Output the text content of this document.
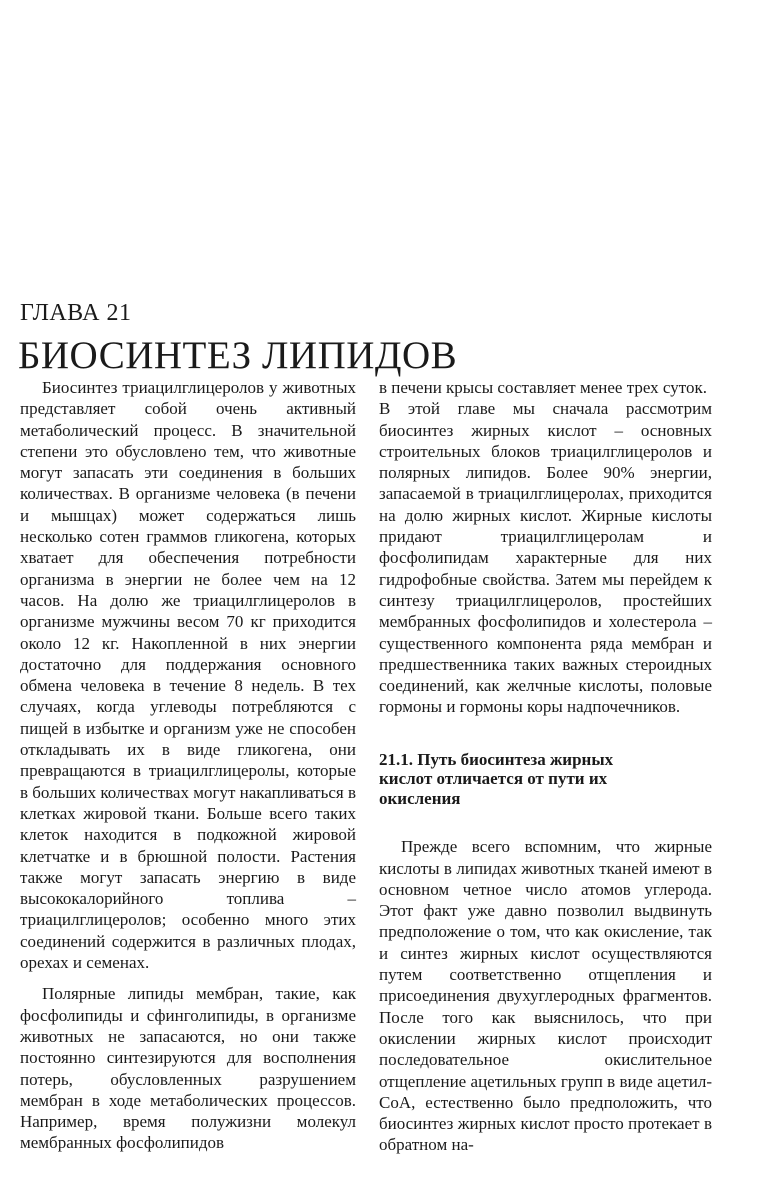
ГЛАВА 21
БИОСИНТЕЗ ЛИПИДОВ

Биосинтез триацилглицеролов у животных представляет собой очень активный метаболический процесс. В значительной степени это обусловлено тем, что животные могут запасать эти соединения в больших количествах. В организме человека (в печени и мышцах) может содержаться лишь несколько сотен граммов гликогена, которых хватает для обеспечения потребности организма в энергии не более чем на 12 часов. На долю же триацилглицеролов в организме мужчины весом 70 кг приходится около 12 кг. Накопленной в них энергии достаточно для поддержания основного обмена человека в течение 8 недель. В тех случаях, когда углеводы потребляются с пищей в избытке и организм уже не способен откладывать их в виде гликогена, они превращаются в триацилглицеролы, которые в больших количествах могут накапливаться в клетках жировой ткани. Больше всего таких клеток находится в подкожной жировой клетчатке и в брюшной полости. Растения также могут запасать энергию в виде высококалорийного топлива – триацилглицеролов; особенно много этих соединений содержится в различных плодах, орехах и семенах.

Полярные липиды мембран, такие, как фосфолипиды и сфинголипиды, в организме животных не запасаются, но они также постоянно синтезируются для восполнения потерь, обусловленных разрушением мембран в ходе метаболических процессов. Например, время полужизни молекул мембранных фосфолипидов

в печени крысы составляет менее трех суток.

В этой главе мы сначала рассмотрим биосинтез жирных кислот – основных строительных блоков триацилглицеролов и полярных липидов. Более 90% энергии, запасаемой в триацилглицеролах, приходится на долю жирных кислот. Жирные кислоты придают триацилглицеролам и фосфолипидам характерные для них гидрофобные свойства. Затем мы перейдем к синтезу триацилглицеролов, простейших мембранных фосфолипидов и холестерола – существенного компонента ряда мембран и предшественника таких важных стероидных соединений, как желчные кислоты, половые гормоны и гормоны коры надпочечников.

21.1. Путь биосинтеза жирных кислот отличается от пути их окисления

Прежде всего вспомним, что жирные кислоты в липидах животных тканей имеют в основном четное число атомов углерода. Этот факт уже давно позволил выдвинуть предположение о том, что как окисление, так и синтез жирных кислот осуществляются путем соответственно отщепления и присоединения двухуглеродных фрагментов. После того как выяснилось, что при окислении жирных кислот происходит последовательное окислительное отщепление ацетильных групп в виде ацетил-СоА, естественно было предположить, что биосинтез жирных кислот просто протекает в обратном на-
